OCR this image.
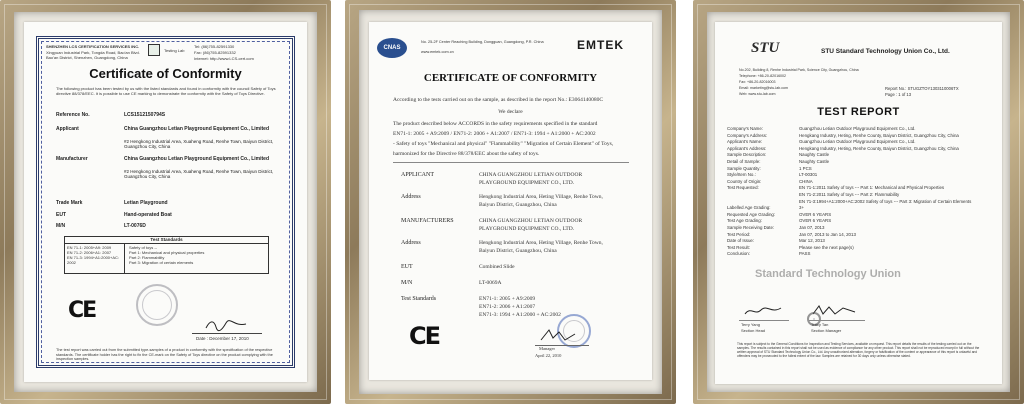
SHENZHEN LCS CERTIFICATION SERVICES INC.
Xingyuan Industrial Park, Tongda Road, Bao'an Blvd.
Bao'an District, Shenzhen, Guangdong, China
Testing Lab
Tel: (86)755-82591330
Fax: (86)755-82591332
Internet: http://www.LCS-cert.com
Certificate of Conformity
The following product has been tested by us with the listed standards and found in conformity with the council Safety of Toys directive 88/378/EEC. It is possible to use CE marking to demonstrate the conformity with the Safety of Toys Directive.
Reference No.	LCS1512150794S
Applicant	China Guangzhou Letian Playground Equipment Co., Limited
#2 Hengkong Industrial Area, Xuaheng Road, Renhe Town, Baiyun District, Guangzhou City, China
Manufacturer	China Guangzhou Letian Playground Equipment Co., Limited
#2 Hengkong Industrial Area, Xuaheng Road, Renhe Town, Baiyun District, Guangzhou City, China
Trade Mark	Letian Playground
EUT	Hand-operated Boat
M/N	LT-0076D
Test Standards
EN 71-1: 2005+A9: 2009
EN 71-2: 2006+A1: 2007
EN 71-3: 1994+A1:2000+AC:
2002
Safety of toys --
Part 1: Mechanical and physical properties
Part 2: Flammability
Part 3: Migration of certain elements
CE
Date : December 17, 2010
The test report was carried out from the submitted type-samples of a product in conformity with the specification of the respective standards. The certificate holder has the right to fix the CE-mark on the Safety of Toys directive on the product complying with the inspection samples.
CNAS
No. 25-2F Center Reaching Building, Dongguan, Guangdong, P.R. China
www.emtek.com.cn	EMTEK
CERTIFICATE OF CONFORMITY
According to the tests carried out on the sample, as described in the report No.: E3064140080C
We declare
The product described below ACCORDS in the safety requirements specified in the standard
EN71-1: 2005 + A9:2009 / EN71-2: 2006 + A1:2007 / EN71-3: 1994 + A1:2000 + AC:2002
- Safety of toys "Mechanical and physical" "Flammability" "Migration of Certain Element" of Toys,
harmonized for the Directive 88/378/EEC about the safety of toys.
APPLICANT	CHINA GUANGZHOU LETIAN OUTDOOR PLAYGROUND EQUIPMENT CO., LTD.
Address	Hengkong Industrial Area, Heting Village, Renhe Town, Baiyun District, Guangzhou, China
MANUFACTURERS	CHINA GUANGZHOU LETIAN OUTDOOR PLAYGROUND EQUIPMENT CO., LTD.
Address	Hengkong Industrial Area, Heting Village, Renhe Town, Baiyun District, Guangzhou, China
EUT	Combined Slide
M/N	LT-0069A
Test Standards	EN71-1: 2005 + A9:2009
EN71-2: 2006 + A1:2007
EN71-3: 1994 + A1:2000 + AC:2002
CE	Manager
April 22, 2010
STU	STU Standard Technology Union Co., Ltd.
No.202, Building 8, Renhe Industrial Park, Science City, Guangzhou, China
Telephone: +86-20-82016002
Fax: +86-20-82016003
Email: marketing@stu-lab.com
Web: www.stu-lab.com
Report No.: STUGZTOY1303110006TX
Page : 1 of 13
TEST REPORT
Company's Name:	Guangzhou Letian Outdoor Playground Equipment Co., Ltd.
Company's Address:	Hengkang Industry, Heting, Renhe County, Baiyun District, Guangzhou City, China
Applicant's Name:	Guangzhou Letian Outdoor Playground Equipment Co., Ltd.
Applicant's Address:	Hengkang Industry, Heting, Renhe County, Baiyun District, Guangzhou City, China
Sample Description:	Naughty Castle
Detail of Sample:	Naughty Castle
Sample Quantity:	1 PCS
Style/Item No.:	LT-00301
Country of Origin:	CHINA
Test Requested:	EN 71-1:2011 Safety of toys --- Part 1: Mechanical and Physical Properties
EN 71-2:2011 Safety of toys --- Part 2: Flammability
EN 71-3:1994+A1:2000+AC:2002 Safety of toys --- Part 3: Migration of Certain Elements
Labelled Age Grading:	3+
Requested Age Grading:	OVER 6 YEARS
Test Age Grading:	OVER 6 YEARS
Sample Receiving Date:	Jan 07, 2013
Test Period:	Jan 07, 2013 to Jan 14, 2013
Date of Issue:	Mar 12, 2013
Test Result:	Please see the next page(s)
Conclusion:	PASS
Standard Technology Union
Terry Yang
Section Head
Tracy Tan
Section Manager
This report is subject to the General Conditions for Inspection and Testing Services, available on request. This report details the results of the testing carried out on the samples. The results contained in this report shall not be used as evidence of compliance for any other product. This report shall not be reproduced except in full without the written approval of STU Standard Technology Union Co., Ltd. Any unauthorized alteration, forgery or falsification of the content or appearance of this report is unlawful and offenders may be prosecuted to the fullest extent of the law. Samples are retained for 30 days only unless otherwise stated.
